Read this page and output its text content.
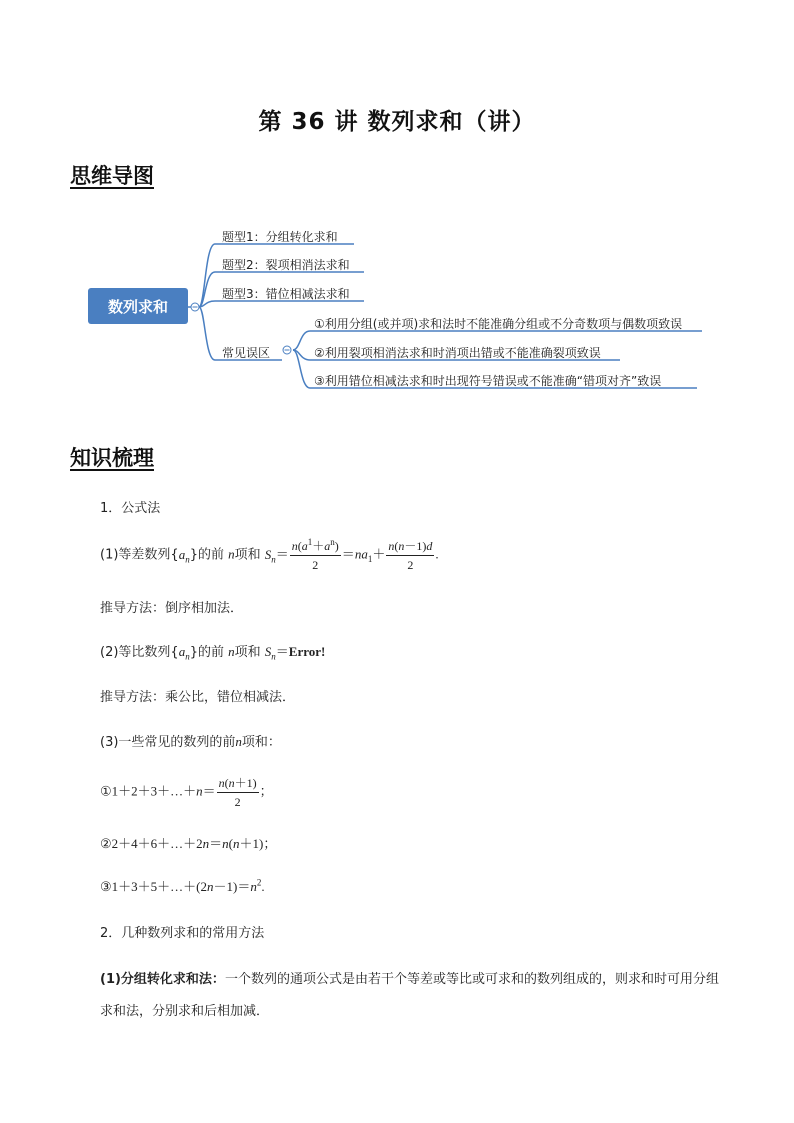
第 36 讲 数列求和（讲）
思维导图
数列求和
题型1：分组转化求和
题型2：裂项相消法求和
题型3：错位相减法求和
常见误区
①利用分组(或并项)求和法时不能准确分组或不分奇数项与偶数项致误
②利用裂项相消法求和时消项出错或不能准确裂项致误
③利用错位相减法求和时出现符号错误或不能准确“错项对齐”致误
知识梳理
1．公式法
(1)等差数列$\{a_n\}$的前 n项和 $S_n= \frac{n(a^1+a^n)}{2} =na_1+ \frac{n(n-1)d}{2}$ .
推导方法：倒序相加法．
(2)等比数列$\{a_n\}$的前 n项和 $S_n=Error$!
推导方法：乘公比，错位相减法．
(3)一些常见的数列的前n项和：
①1＋2＋3＋…＋n＝ $\frac{n(n+1)}{2}$ ；
②2＋4＋6＋…＋2n＝n(n＋1)；
$③1+3+5+\dots+(2n-1)=n^2$.
2．几种数列求和的常用方法
(1)分组转化求和法：一个数列的通项公式是由若干个等差或等比或可求和的数列组成的，则求和时可用分组求和法，分别求和后相加减．
